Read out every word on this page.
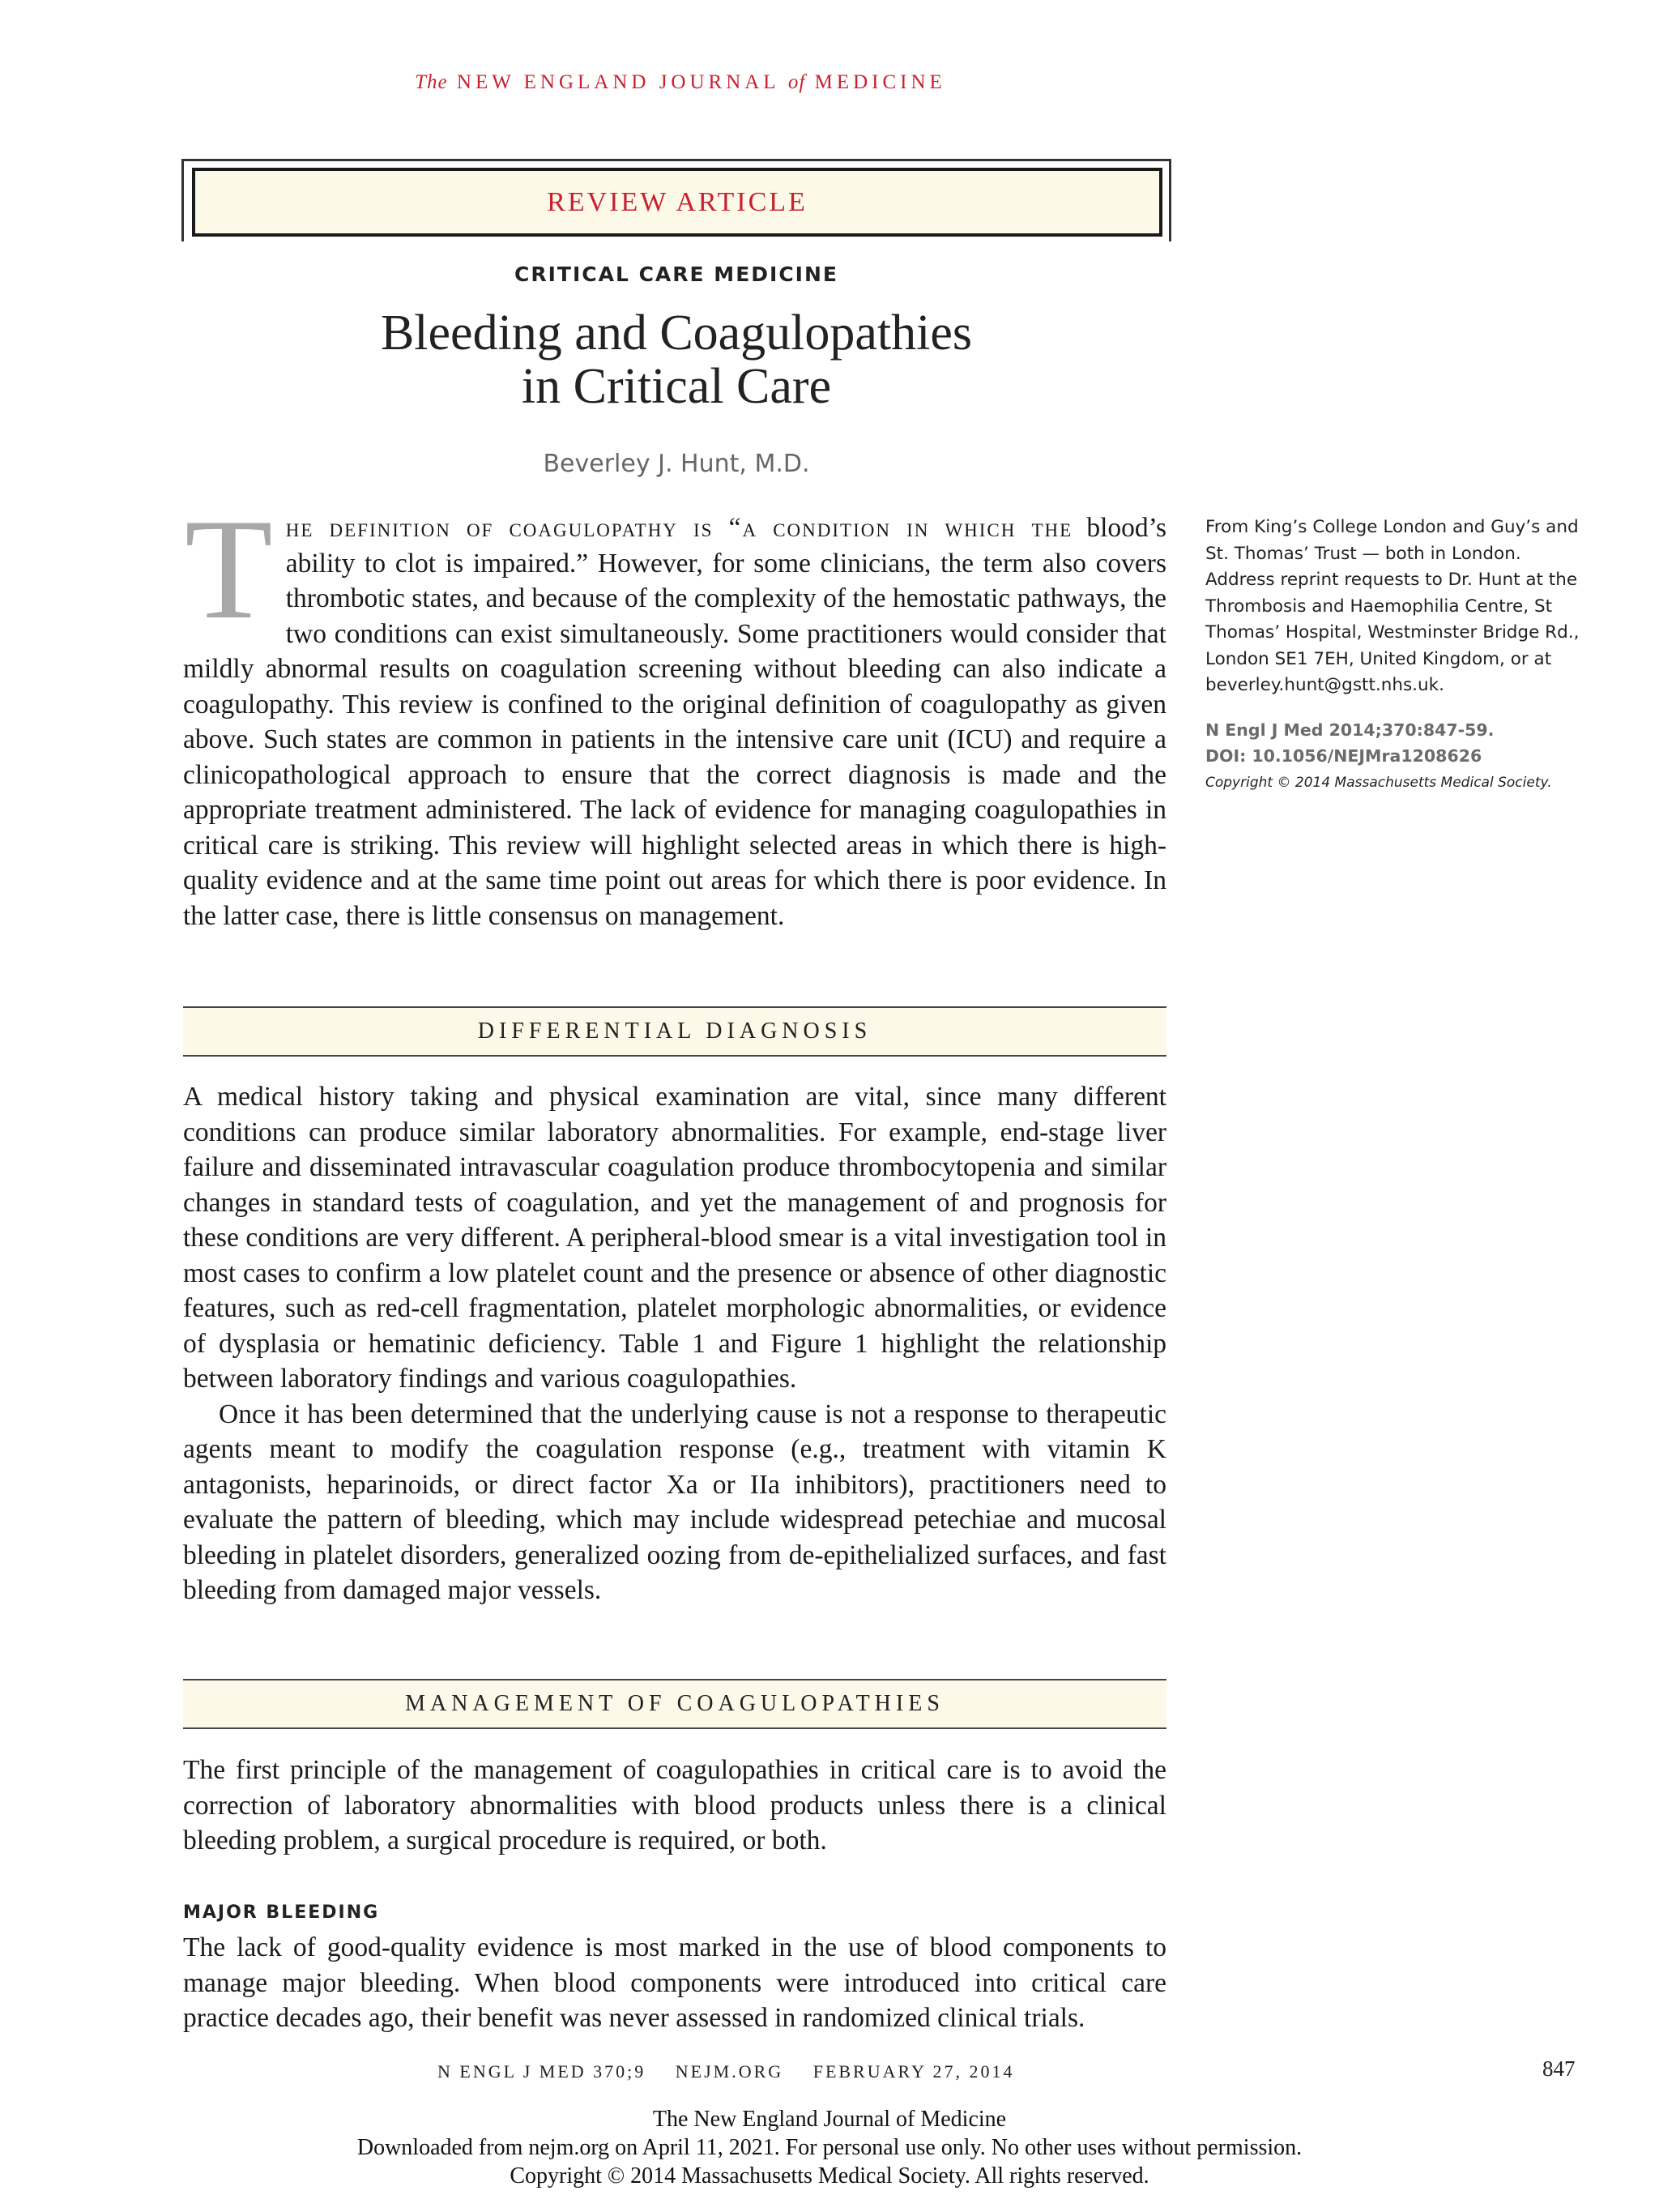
The NEW ENGLAND JOURNAL of MEDICINE
REVIEW ARTICLE
CRITICAL CARE MEDICINE
Bleeding and Coagulopathies
in Critical Care
Beverley J. Hunt, M.D.
The definition of coagulopathy is “a condition in which the blood’s ability to clot is impaired.” However, for some clinicians, the term also covers thrombotic states, and because of the complexity of the hemostatic pathways, the two conditions can exist simultaneously. Some practitioners would consider that mildly abnormal results on coagulation screening without bleeding can also indicate a coagulopathy. This review is confined to the original definition of coagulopathy as given above. Such states are common in patients in the intensive care unit (ICU) and require a clinicopathological approach to ensure that the correct diagnosis is made and the appropriate treatment administered. The lack of evidence for managing coagulopathies in critical care is striking. This review will highlight selected areas in which there is high-quality evidence and at the same time point out areas for which there is poor evidence. In the latter case, there is little consensus on management.
From King’s College London and Guy’s and St. Thomas’ Trust — both in London. Address reprint requests to Dr. Hunt at the Thrombosis and Haemophilia Centre, St Thomas’ Hospital, Westminster Bridge Rd., London SE1 7EH, United Kingdom, or at beverley.hunt@gstt.nhs.uk.
N Engl J Med 2014;370:847-59.
DOI: 10.1056/NEJMra1208626
Copyright © 2014 Massachusetts Medical Society.
DIFFERENTIAL DIAGNOSIS

A medical history taking and physical examination are vital, since many different conditions can produce similar laboratory abnormalities. For example, end-stage liver failure and disseminated intravascular coagulation produce thrombocytopenia and similar changes in standard tests of coagulation, and yet the management of and prognosis for these conditions are very different. A peripheral-blood smear is a vital investigation tool in most cases to confirm a low platelet count and the presence or absence of other diagnostic features, such as red-cell fragmentation, platelet morphologic abnormalities, or evidence of dysplasia or hematinic deficiency. Table 1 and Figure 1 highlight the relationship between laboratory findings and various coagulopathies.

Once it has been determined that the underlying cause is not a response to therapeutic agents meant to modify the coagulation response (e.g., treatment with vitamin K antagonists, heparinoids, or direct factor Xa or IIa inhibitors), practitioners need to evaluate the pattern of bleeding, which may include widespread petechiae and mucosal bleeding in platelet disorders, generalized oozing from de-epithelialized surfaces, and fast bleeding from damaged major vessels.

MANAGEMENT OF COAGULOPATHIES

The first principle of the management of coagulopathies in critical care is to avoid the correction of laboratory abnormalities with blood products unless there is a clinical bleeding problem, a surgical procedure is required, or both.

MAJOR BLEEDING

The lack of good-quality evidence is most marked in the use of blood components to manage major bleeding. When blood components were introduced into critical care practice decades ago, their benefit was never assessed in randomized clinical trials.

N ENGL J MED 370;9 NEJM.ORG FEBRUARY 27, 2014	847
The New England Journal of Medicine
Downloaded from nejm.org on April 11, 2021. For personal use only. No other uses without permission.
Copyright © 2014 Massachusetts Medical Society. All rights reserved.
